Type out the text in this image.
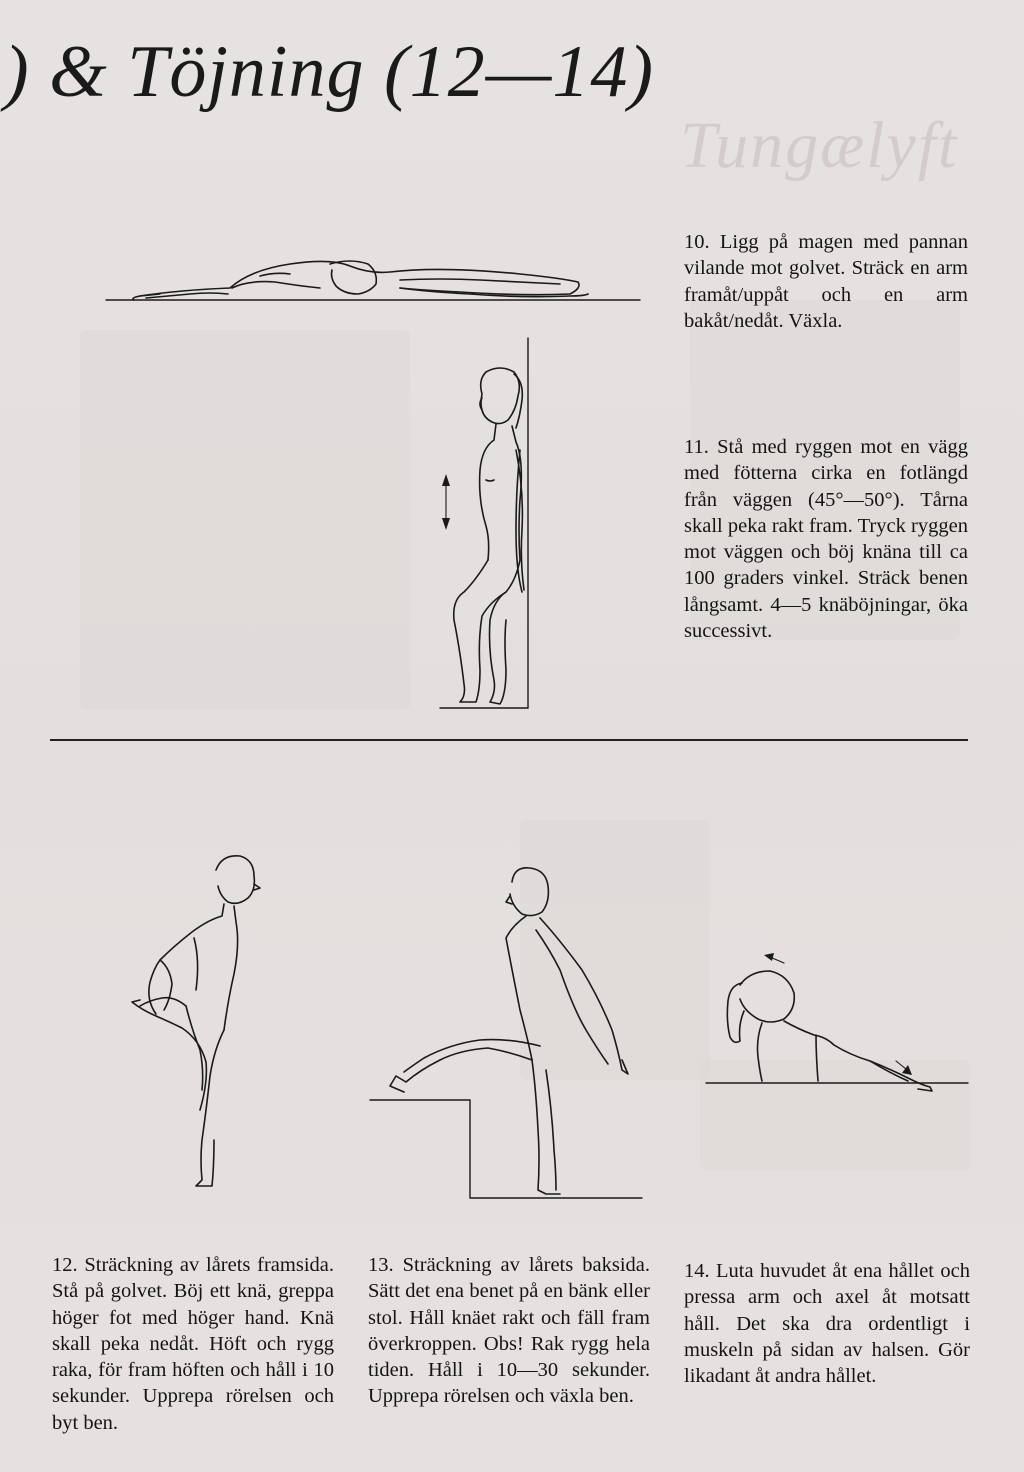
Tungælyft
) & Töjning (12—14)
10. Ligg på magen med pannan vilande mot golvet. Sträck en arm framåt/uppåt och en arm bakåt/nedåt. Växla.
11. Stå med ryggen mot en vägg med fötterna cirka en fotlängd från väggen (45°—50°). Tårna skall peka rakt fram. Tryck ryggen mot väggen och böj knäna till ca 100 graders vinkel. Sträck benen långsamt. 4—5 knäböjningar, öka successivt.
12. Sträckning av lårets framsida. Stå på golvet. Böj ett knä, greppa höger fot med höger hand. Knä skall peka nedåt. Höft och rygg raka, för fram höften och håll i 10 sekunder. Upprepa rörelsen och byt ben.
13. Sträckning av lårets baksida. Sätt det ena benet på en bänk eller stol. Håll knäet rakt och fäll fram överkroppen. Obs! Rak rygg hela tiden. Håll i 10—30 sekunder. Upprepa rörelsen och växla ben.
14. Luta huvudet åt ena hållet och pressa arm och axel åt motsatt håll. Det ska dra ordentligt i muskeln på sidan av halsen. Gör likadant åt andra hållet.
